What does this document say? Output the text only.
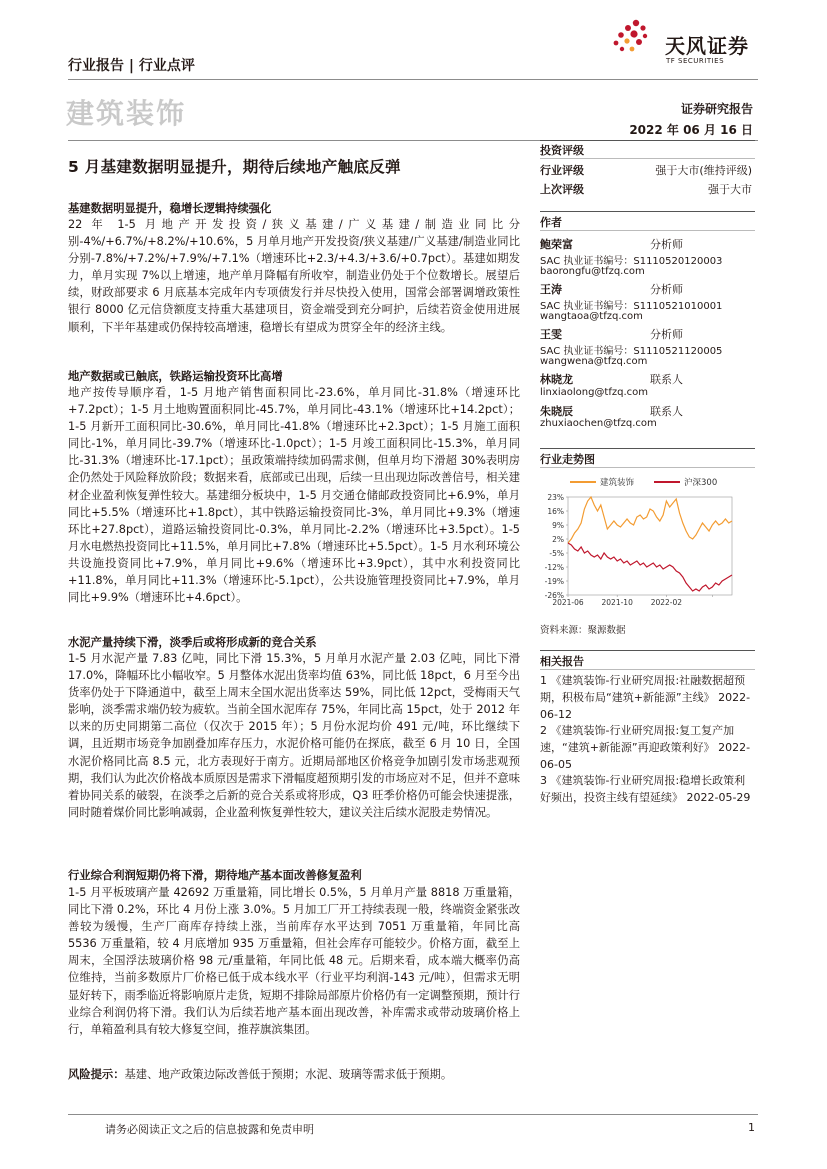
天风证券
TF SECURITIES
行业报告 | 行业点评
建筑装饰	证券研究报告
2022 年 06 月 16 日
5 月基建数据明显提升，期待后续地产触底反弹
基建数据明显提升，稳增长逻辑持续强化
22 年 1-5 月地产开发投资/狭义基建/广义基建/制造业同比分别-4%/+6.7%/+8.2%/+10.6%，5 月单月地产开发投资/狭义基建/广义基建/制造业同比分别-7.8%/+7.2%/+7.9%/+7.1%（增速环比+2.3/+4.3/+3.6/+0.7pct）。基建如期发力，单月实现 7%以上增速，地产单月降幅有所收窄，制造业仍处于个位数增长。展望后续，财政部要求 6 月底基本完成年内专项债发行并尽快投入使用，国常会部署调增政策性银行 8000 亿元信贷额度支持重大基建项目，资金端受到充分呵护，后续若资金使用进展顺利，下半年基建或仍保持较高增速，稳增长有望成为贯穿全年的经济主线。
地产数据或已触底，铁路运输投资环比高增
地产按传导顺序看，1-5 月地产销售面积同比-23.6%，单月同比-31.8%（增速环比+7.2pct）；1-5 月土地购置面积同比-45.7%，单月同比-43.1%（增速环比+14.2pct）；1-5 月新开工面积同比-30.6%，单月同比-41.8%（增速环比+2.3pct）；1-5 月施工面积同比-1%，单月同比-39.7%（增速环比-1.0pct）；1-5 月竣工面积同比-15.3%，单月同比-31.3%（增速环比-17.1pct）；虽政策端持续加码需求侧，但单月均下滑超 30%表明房企仍然处于风险释放阶段；数据来看，底部或已出现，后续一旦出现边际改善信号，相关建材企业盈利恢复弹性较大。基建细分板块中，1-5 月交通仓储邮政投资同比+6.9%，单月同比+5.5%（增速环比+1.8pct），其中铁路运输投资同比-3%，单月同比+9.3%（增速环比+27.8pct），道路运输投资同比-0.3%，单月同比-2.2%（增速环比+3.5pct）。1-5 月水电燃热投资同比+11.5%，单月同比+7.8%（增速环比+5.5pct）。1-5 月水利环境公共设施投资同比+7.9%，单月同比+9.6%（增速环比+3.9pct），其中水利投资同比+11.8%，单月同比+11.3%（增速环比-5.1pct），公共设施管理投资同比+7.9%，单月同比+9.9%（增速环比+4.6pct）。
水泥产量持续下滑，淡季后或将形成新的竞合关系
1-5 月水泥产量 7.83 亿吨，同比下滑 15.3%，5 月单月水泥产量 2.03 亿吨，同比下滑 17.0%，降幅环比小幅收窄。5 月整体水泥出货率均值 63%，同比低 18pct，6 月至今出货率仍处于下降通道中，截至上周末全国水泥出货率达 59%，同比低 12pct，受梅雨天气影响，淡季需求端仍较为疲软。当前全国水泥库存 75%，年同比高 15pct，处于 2012 年以来的历史同期第二高位（仅次于 2015 年）；5 月份水泥均价 491 元/吨，环比继续下调，且近期市场竞争加剧叠加库存压力，水泥价格可能仍在探底，截至 6 月 10 日，全国水泥价格同比高 8.5 元，北方表现好于南方。近期局部地区价格竞争加剧引发市场悲观预期，我们认为此次价格战本质原因是需求下滑幅度超预期引发的市场应对不足，但并不意味着协同关系的破裂，在淡季之后新的竞合关系或将形成，Q3 旺季价格仍可能会快速提涨，同时随着煤价同比影响减弱，企业盈利恢复弹性较大，建议关注后续水泥股走势情况。
行业综合利润短期仍将下滑，期待地产基本面改善修复盈利
1-5 月平板玻璃产量 42692 万重量箱，同比增长 0.5%，5 月单月产量 8818 万重量箱，同比下滑 0.2%，环比 4 月份上涨 3.0%。5 月加工厂开工持续表现一般，终端资金紧张改善较为缓慢，生产厂商库存持续上涨，当前库存水平达到 7051 万重量箱，年同比高 5536 万重量箱，较 4 月底增加 935 万重量箱，但社会库存可能较少。价格方面，截至上周末，全国浮法玻璃价格 98 元/重量箱，年同比低 48 元。后期来看，成本端大概率仍高位维持，当前多数原片厂价格已低于成本线水平（行业平均利润-143 元/吨），但需求无明显好转下，雨季临近将影响原片走货，短期不排除局部原片价格仍有一定调整预期，预计行业综合利润仍将下滑。我们认为后续若地产基本面出现改善，补库需求或带动玻璃价格上行，单箱盈利具有较大修复空间，推荐旗滨集团。
风险提示：基建、地产政策边际改善低于预期；水泥、玻璃等需求低于预期。
投资评级
行业评级	强于大市(维持评级)
上次评级	强于大市
作者
鲍荣富	分析师
SAC 执业证书编号：S1110520120003
baorongfu@tfzq.com
王涛	分析师
SAC 执业证书编号：S1110521010001
wangtaoa@tfzq.com
王雯	分析师
SAC 执业证书编号：S1110521120005
wangwena@tfzq.com
林晓龙	联系人
linxiaolong@tfzq.com
朱晓辰	联系人
zhuxiaochen@tfzq.com
行业走势图
23%
16%
9%
2%
-5%
-12%
-19%
-26%
2021-06 2021-10 2022-02
建筑装饰	沪深300
资料来源：聚源数据
相关报告
1 《建筑装饰-行业研究周报:社融数据超预期，积极布局“建筑+新能源”主线》 2022-06-12
2 《建筑装饰-行业研究周报:复工复产加速，“建筑+新能源”再迎政策利好》 2022-06-05
3 《建筑装饰-行业研究周报:稳增长政策利好频出，投资主线有望延续》 2022-05-29
请务必阅读正文之后的信息披露和免责申明	1
